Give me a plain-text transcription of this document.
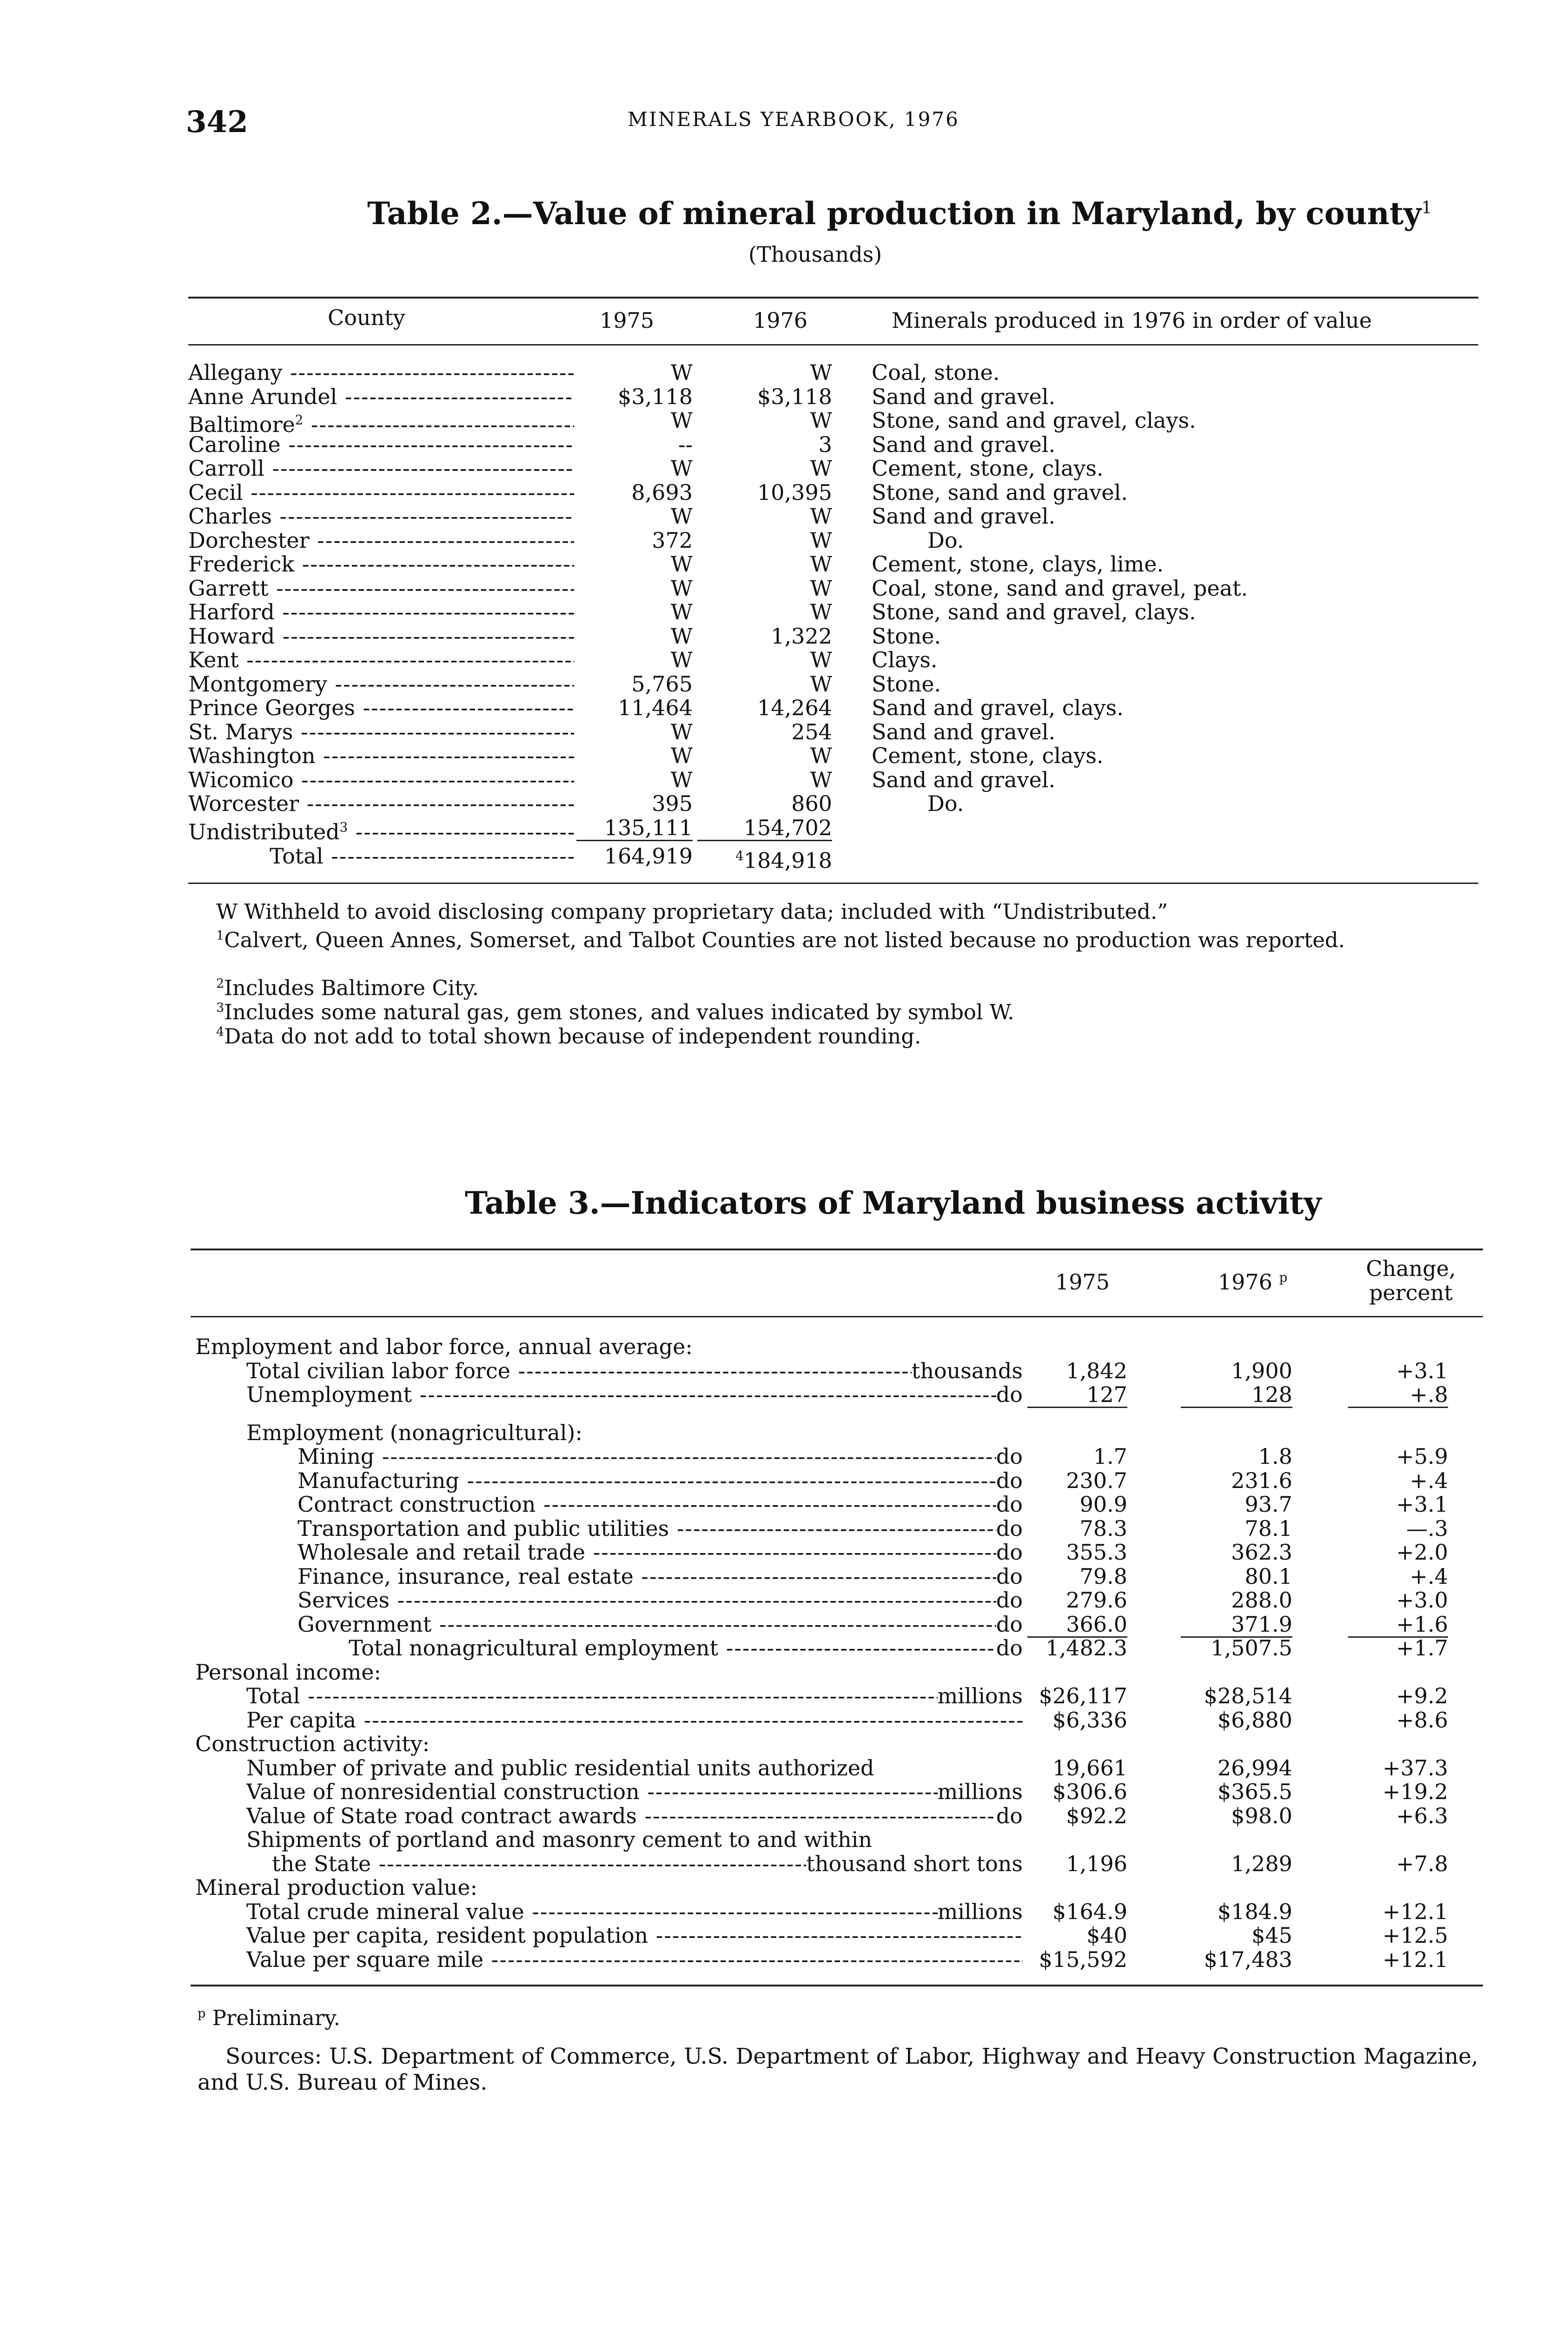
342	MINERALS YEARBOOK, 1976
Table 2.—Value of mineral production in Maryland, by county$^1$
(Thousands)
County	1975	1976	Minerals produced in 1976 in order of value
Allegany -----	W	W Coal, stone.
Anne Arundel -----	$3,118	$3,118 Sand and gravel.
Baltimore$^2$ -----	W	W Stone, sand and gravel, clays.
Caroline -----	--	3 Sand and gravel.
Carroll -----	W	W Cement, stone, clays.
Cecil -----	8,693	10,395 Stone, sand and gravel.
Charles -----	W	W Sand and gravel.
Dorchester -----	372	W	Do.
Frederick -----	W	W Cement, stone, clays, lime.
Garrett -----	W	W Coal, stone, sand and gravel, peat.
Harford -----	W	W Stone, sand and gravel, clays.
Howard -----	W	1,322 Stone.
Kent -----	W	W Clays.
Montgomery -----	5,765	W Stone.
Prince Georges -----	11,464	14,264 Sand and gravel, clays.
St. Marys -----	W	254 Sand and gravel.
Washington -----	W	W Cement, stone, clays.
Wicomico -----	W	W Sand and gravel.
Worcester -----	395	860	Do.
Undistributed$^3$ -----	135,111	154,702
Total -----	164,919	$^4$184,918
W Withheld to avoid disclosing company proprietary data; included with “Undistributed.”
$^1$Calvert, Queen Annes, Somerset, and Talbot Counties are not listed because no production was reported.
$^2$Includes Baltimore City.
$^3$Includes some natural gas, gem stones, and values indicated by symbol W.
$^4$Data do not add to total shown because of independent rounding.
Table 3.—Indicators of Maryland business activity
1975	1976 $^p$	Change,
percent
Employment and labor force, annual average:
Total civilian labor force -----	thousands	1,842	1,900	+3.1
Unemployment -----	do	127	128	+.8
Employment (nonagricultural):
Mining -----	do	1.7	1.8	+5.9
Manufacturing -----	do	230.7	231.6	+.4
Contract construction -----	do	90.9	93.7	+3.1
Transportation and public utilities -----	do	78.3	78.1	—.3
Wholesale and retail trade -----	do	355.3	362.3	+2.0
Finance, insurance, real estate -----	do	79.8	80.1	+.4
Services -----	do	279.6	288.0	+3.0
Government -----	do	366.0	371.9	+1.6
Total nonagricultural employment -----	do	1,482.3	1,507.5	+1.7
Personal income:
Total -----	millions $26,117	$28,514	+9.2
Per capita -----	$6,336	$6,880	+8.6
Construction activity:
Number of private and public residential units authorized	19,661	26,994	+37.3
Value of nonresidential construction -----	millions	$306.6	$365.5	+19.2
Value of State road contract awards -----	do	$92.2	$98.0	+6.3
Shipments of portland and masonry cement to and within
the State -----	thousand short tons	1,196	1,289	+7.8
Mineral production value:
Total crude mineral value -----	millions	$164.9	$184.9	+12.1
Value per capita, resident population -----	$40	$45	+12.5
Value per square mile -----	$15,592	$17,483	+12.1
$^p$ Preliminary.
Sources: U.S. Department of Commerce, U.S. Department of Labor, Highway and Heavy Construction Magazine, and U.S. Bureau of Mines.
